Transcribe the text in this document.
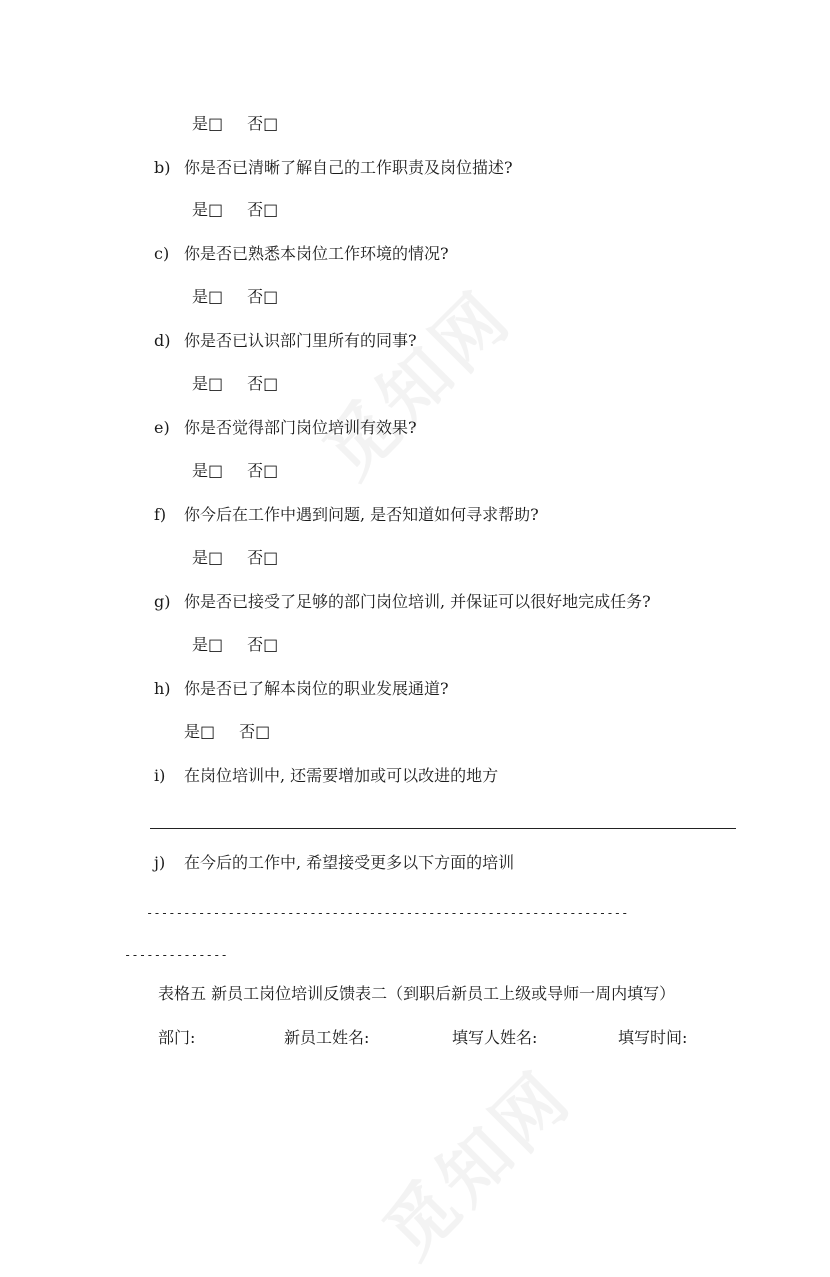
是□ 否□
b) 你是否已清晰了解自己的工作职责及岗位描述?
是□ 否□
c) 你是否已熟悉本岗位工作环境的情况?
是□ 否□
d) 你是否已认识部门里所有的同事?
是□ 否□
e) 你是否觉得部门岗位培训有效果?
是□ 否□
f) 你今后在工作中遇到问题, 是否知道如何寻求帮助?
是□ 否□
g) 你是否已接受了足够的部门岗位培训, 并保证可以很好地完成任务?
是□ 否□
h) 你是否已了解本岗位的职业发展通道?
是□ 否□
i) 在岗位培训中, 还需要增加或可以改进的地方
j) 在今后的工作中, 希望接受更多以下方面的培训
-----------------------------------------------------------------
--------------
表格五 新员工岗位培训反馈表二（到职后新员工上级或导师一周内填写）
部门:	新员工姓名:	填写人姓名:	填写时间:
